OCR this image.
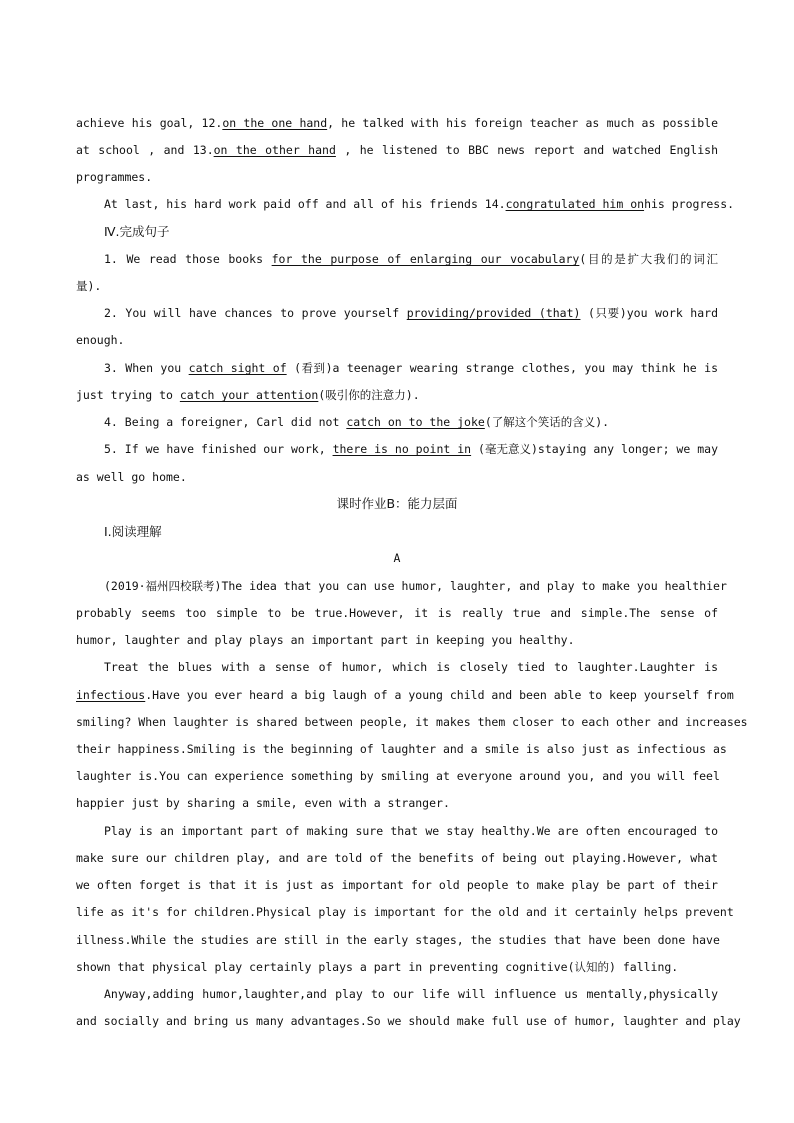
achieve his goal, 12.on the one hand, he talked with his foreign teacher as much as possible
at school , and 13.on the other hand , he listened to BBC news report and watched English
programmes.
At last, his hard work paid off and all of his friends 14.congratulated him onhis progress.
Ⅳ.完成句子
1. We read those books for the purpose of enlarging our vocabulary(目的是扩大我们的词汇
量).
2. You will have chances to prove yourself providing/provided (that) (只要)you work hard
enough.
3. When you catch sight of (看到)a teenager wearing strange clothes, you may think he is
just trying to catch your attention(吸引你的注意力).
4. Being a foreigner, Carl did not catch on to the joke(了解这个笑话的含义).
5. If we have finished our work, there is no point in (毫无意义)staying any longer; we may
as well go home.
课时作业B：能力层面
Ⅰ.阅读理解
A
(2019·福州四校联考)The idea that you can use humor, laughter, and play to make you healthier
probably seems too simple to be true.However, it is really true and simple.The sense of
humor, laughter and play plays an important part in keeping you healthy.
Treat the blues with a sense of humor, which is closely tied to laughter.Laughter is
infectious.Have you ever heard a big laugh of a young child and been able to keep yourself from
smiling? When laughter is shared between people, it makes them closer to each other and increases
their happiness.Smiling is the beginning of laughter and a smile is also just as infectious as
laughter is.You can experience something by smiling at everyone around you, and you will feel
happier just by sharing a smile, even with a stranger.
Play is an important part of making sure that we stay healthy.We are often encouraged to
make sure our children play, and are told of the benefits of being out playing.However, what
we often forget is that it is just as important for old people to make play be part of their
life as it's for children.Physical play is important for the old and it certainly helps prevent
illness.While the studies are still in the early stages, the studies that have been done have
shown that physical play certainly plays a part in preventing cognitive(认知的) falling.
Anyway,adding humor,laughter,and play to our life will influence us mentally,physically
and socially and bring us many advantages.So we should make full use of humor, laughter and play
